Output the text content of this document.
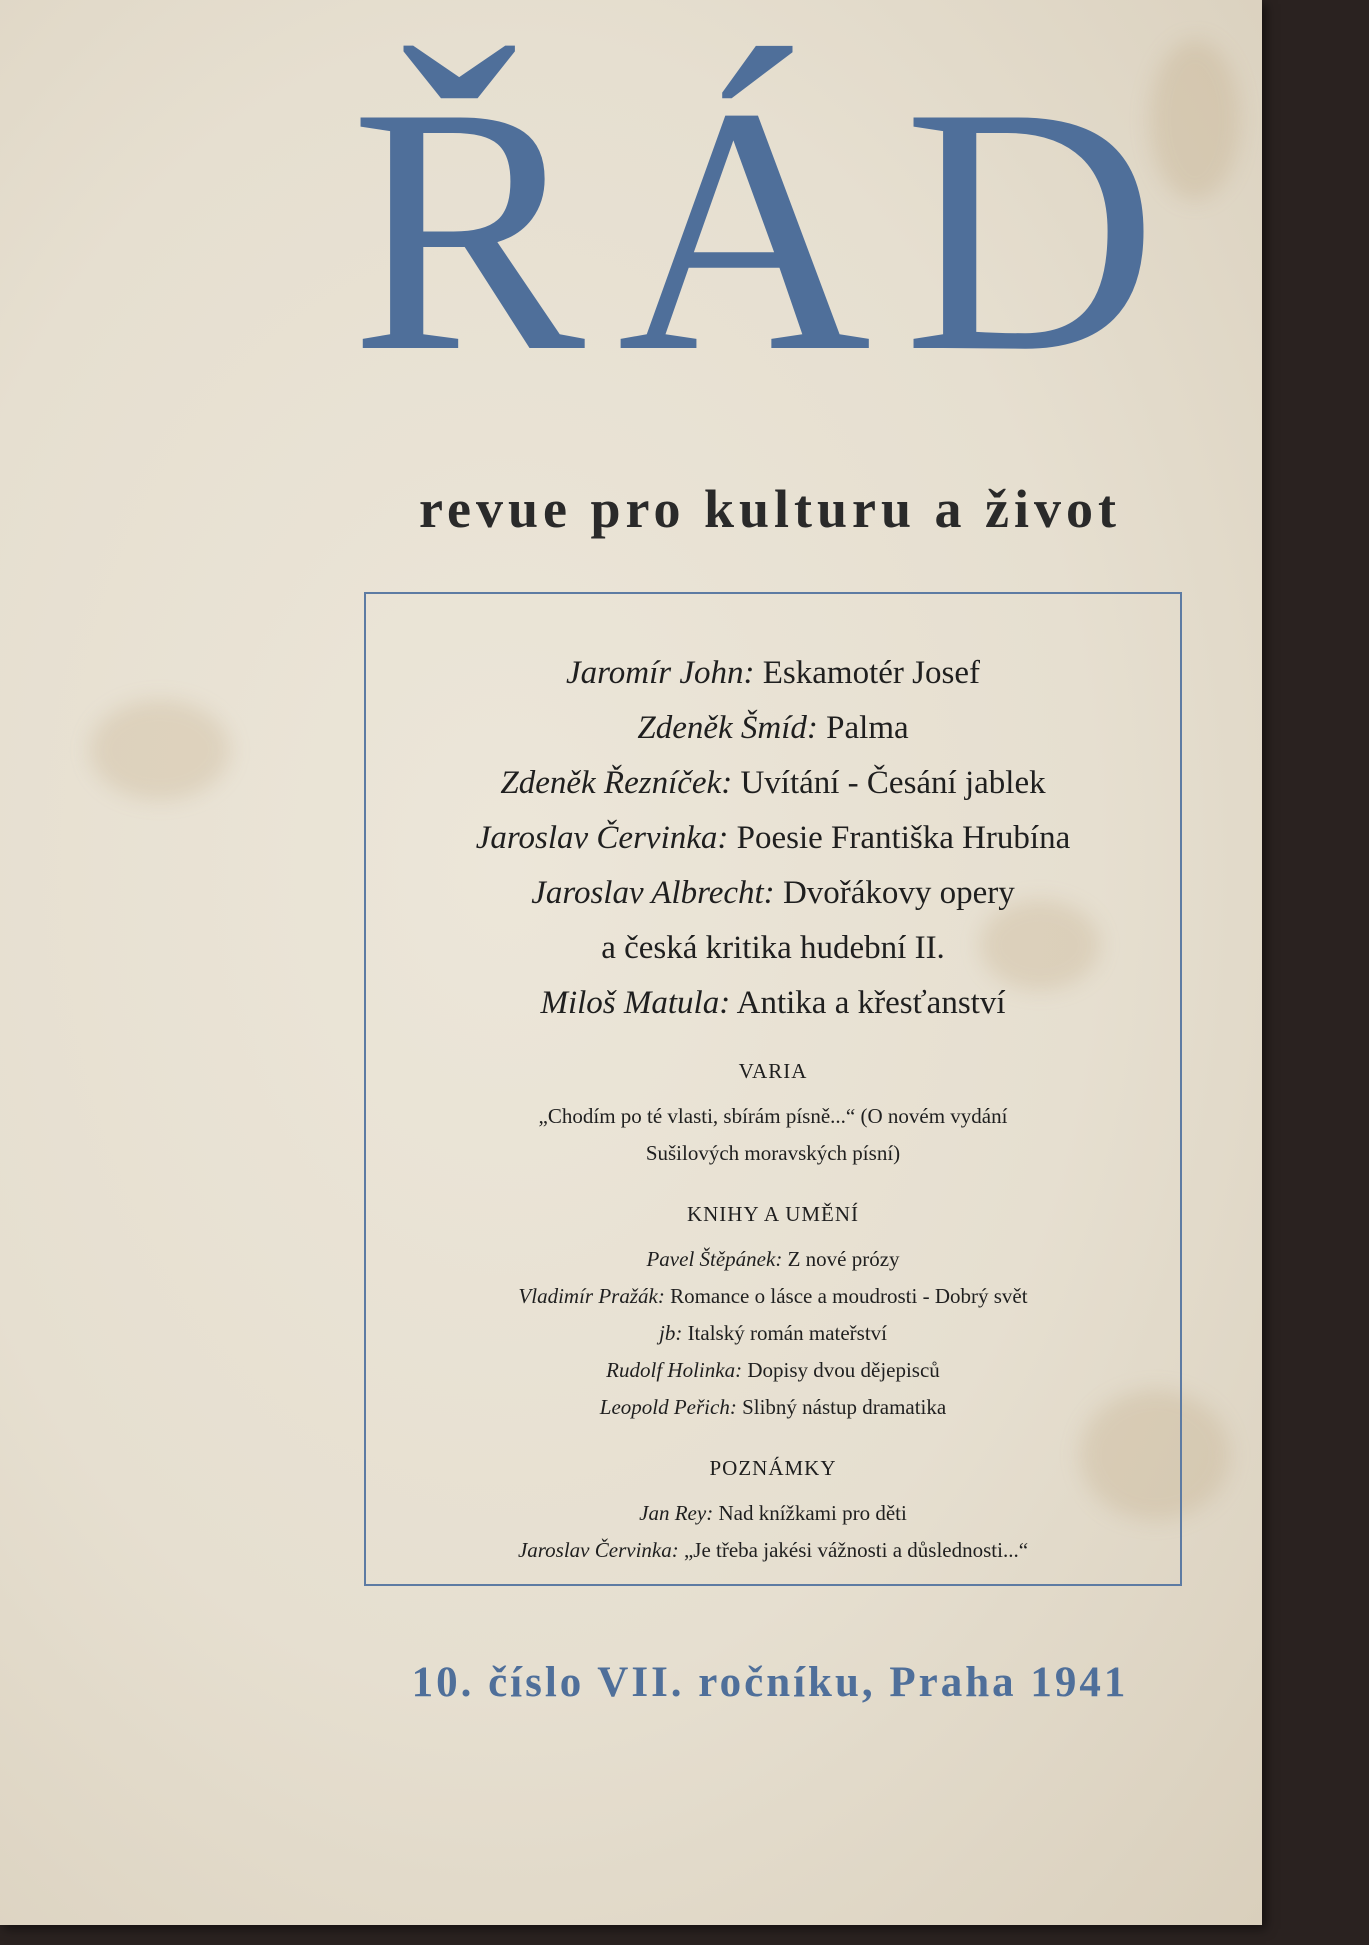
ŘÁD
revue pro kulturu a život
Jaromír John: Eskamotér Josef
Zdeněk Šmíd: Palma
Zdeněk Řezníček: Uvítání - Česání jablek
Jaroslav Červinka: Poesie Františka Hrubína
Jaroslav Albrecht: Dvořákovy opery
a česká kritika hudební II.
Miloš Matula: Antika a křesťanství
VARIA
„Chodím po té vlasti, sbírám písně...“ (O novém vydání
Sušilových moravských písní)
KNIHY A UMĚNÍ
Pavel Štěpánek: Z nové prózy
Vladimír Pražák: Romance o lásce a moudrosti - Dobrý svět
jb: Italský román mateřství
Rudolf Holinka: Dopisy dvou dějepisců
Leopold Peřich: Slibný nástup dramatika
POZNÁMKY
Jan Rey: Nad knížkami pro děti
Jaroslav Červinka: „Je třeba jakési vážnosti a důslednosti...“
10. číslo VII. ročníku, Praha 1941
